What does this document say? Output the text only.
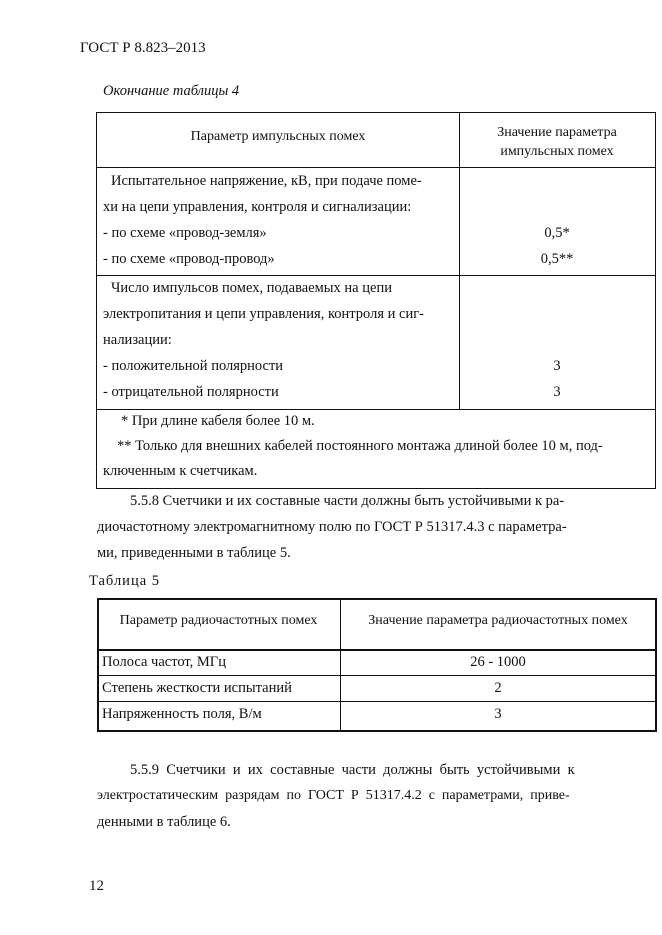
ГОСТ Р 8.823–2013
Окончание таблицы 4
Параметр импульсных помех	Значение параметра
импульсных помех
Испытательное напряжение, кВ, при подаче поме-
хи на цепи управления, контроля и сигнализации:
- по схеме «провод-земля»	0,5*
- по схеме «провод-провод»	0,5**
Число импульсов помех, подаваемых на цепи
электропитания и цепи управления, контроля и сиг-
нализации:
- положительной полярности	3
- отрицательной полярности	3
* При длине кабеля более 10 м.
** Только для внешних кабелей постоянного монтажа длиной более 10 м, под-
ключенным к счетчикам.
5.5.8 Счетчики и их составные части должны быть устойчивыми к ра-
диочастотному электромагнитному полю по ГОСТ Р 51317.4.3 с параметра-
ми, приведенными в таблице 5.
Таблица 5
Параметр радиочастотных помех	Значение параметра радиочастотных помех
Полоса частот, МГц	26 - 1000
Степень жесткости испытаний	2
Напряженность поля, В/м	3
5.5.9  Счетчики  и  их  составные  части  должны  быть  устойчивыми  к
электростатическим  разрядам  по  ГОСТ  Р  51317.4.2  с  параметрами,  приве-
денными в таблице 6.
12
